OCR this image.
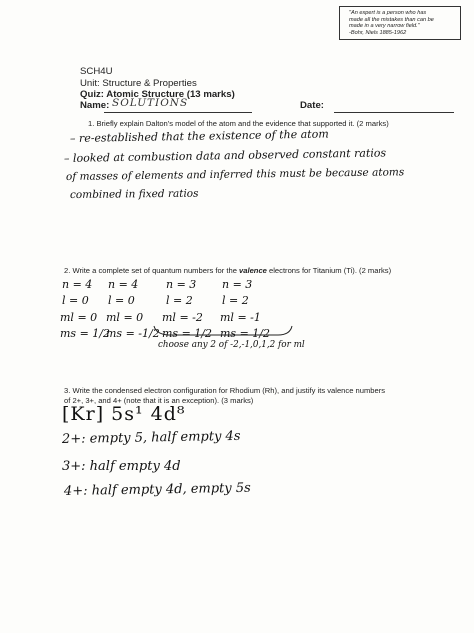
"An expert is a person who has
made all the mistakes than can be
made in a very narrow field."
-Bohr, Niels 1885-1962
SCH4U
Unit: Structure & Properties
Quiz: Atomic Structure (13 marks)
Name: SOLUTIONS	Date:
1. Briefly explain Dalton's model of the atom and the evidence that supported it. (2 marks)
– re-established that the existence of the atom
– looked at combustion data and observed constant ratios
of masses of elements and inferred this must be because atoms
combined in fixed ratios
2. Write a complete set of quantum numbers for the valence electrons for Titanium (Ti). (2 marks)
n = 4
l = 0
ml = 0
ms = 1/2
n = 4
l = 0
ml = 0
ms = -1/2
n = 3
l = 2
ml = -2
ms = 1/2
n = 3
l = 2
ml = -1
ms = 1/2
choose any 2 of -2,-1,0,1,2 for ml
3. Write the condensed electron configuration for Rhodium (Rh), and justify its valence numbers
of 2+, 3+, and 4+ (note that it is an exception). (3 marks)
[Kr] 5s¹ 4d⁸
2+: empty 5, half empty 4s
3+: half empty 4d
4+: half empty 4d, empty 5s
